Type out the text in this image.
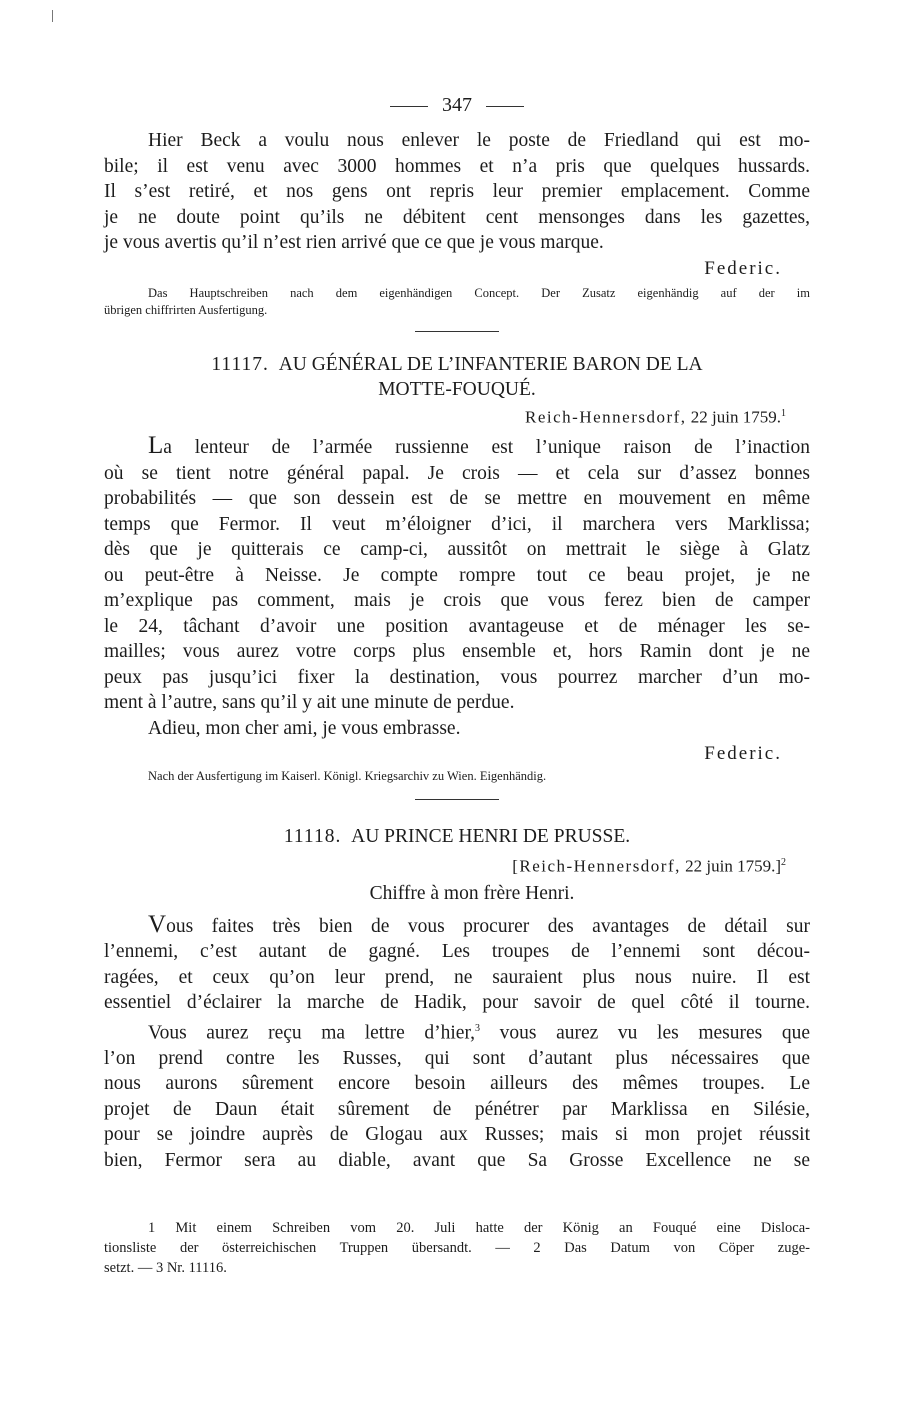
347
Hier Beck a voulu nous enlever le poste de Friedland qui est mo-
bile; il est venu avec 3000 hommes et n’a pris que quelques hussards.
Il s’est retiré, et nos gens ont repris leur premier emplacement. Comme
je ne doute point qu’ils ne débitent cent mensonges dans les gazettes,
je vous avertis qu’il n’est rien arrivé que ce que je vous marque.
Federic.
Das Hauptschreiben nach dem eigenhändigen Concept. Der Zusatz eigenhändig auf der im
übrigen chiffrirten Ausfertigung.
11117. AU GÉNÉRAL DE L’INFANTERIE BARON DE LA
MOTTE-FOUQUÉ.
Reich-Hennersdorf, 22 juin 1759.$^1$
La lenteur de l’armée russienne est l’unique raison de l’inaction
où se tient notre général papal. Je crois — et cela sur d’assez bonnes
probabilités — que son dessein est de se mettre en mouvement en même
temps que Fermor. Il veut m’éloigner d’ici, il marchera vers Marklissa;
dès que je quitterais ce camp-ci, aussitôt on mettrait le siège à Glatz
ou peut-être à Neisse. Je compte rompre tout ce beau projet, je ne
m’explique pas comment, mais je crois que vous ferez bien de camper
le 24, tâchant d’avoir une position avantageuse et de ménager les se-
mailles; vous aurez votre corps plus ensemble et, hors Ramin dont je ne
peux pas jusqu’ici fixer la destination, vous pourrez marcher d’un mo-
ment à l’autre, sans qu’il y ait une minute de perdue.
Adieu, mon cher ami, je vous embrasse.
Federic.
Nach der Ausfertigung im Kaiserl. Königl. Kriegsarchiv zu Wien. Eigenhändig.
11118. AU PRINCE HENRI DE PRUSSE.
[Reich-Hennersdorf, 22 juin 1759.]$^2$
Chiffre à mon frère Henri.
Vous faites très bien de vous procurer des avantages de détail sur
l’ennemi, c’est autant de gagné. Les troupes de l’ennemi sont décou-
ragées, et ceux qu’on leur prend, ne sauraient plus nous nuire. Il est
essentiel d’éclairer la marche de Hadik, pour savoir de quel côté il tourne.
Vous aurez reçu ma lettre d’hier,$^3$ vous aurez vu les mesures que
l’on prend contre les Russes, qui sont d’autant plus nécessaires que
nous aurons sûrement encore besoin ailleurs des mêmes troupes. Le
projet de Daun était sûrement de pénétrer par Marklissa en Silésie,
pour se joindre auprès de Glogau aux Russes; mais si mon projet réussit
bien, Fermor sera au diable, avant que Sa Grosse Excellence ne se
1 Mit einem Schreiben vom 20. Juli hatte der König an Fouqué eine Disloca-
tionsliste der österreichischen Truppen übersandt. — 2 Das Datum von Cöper zuge-
setzt. — 3 Nr. 11116.
